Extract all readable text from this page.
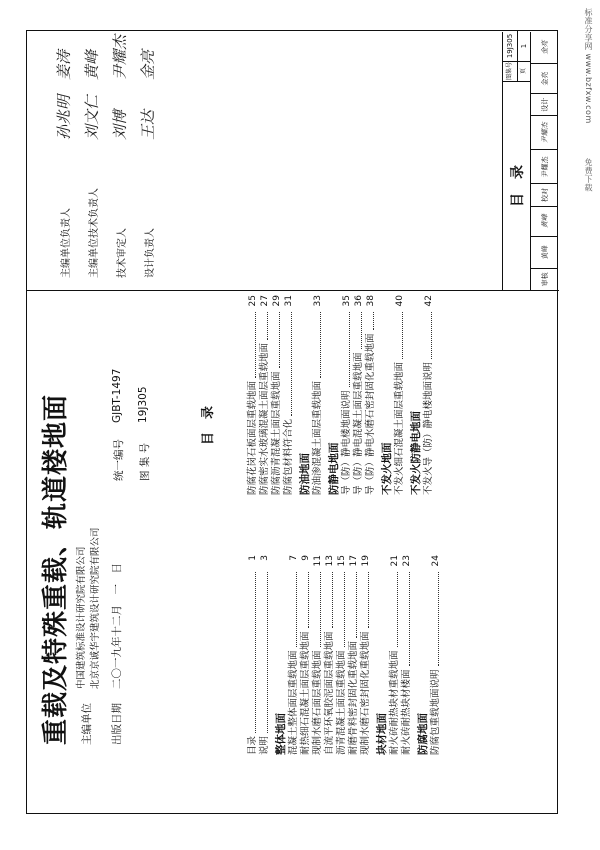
标准分享网 www.bzfxw.com
免费下载
重载及特殊重载、轨道楼地面 主编单位
中国建筑标准设计研究院有限公司 北京京诚华宇建筑设计研究院有限公司
出版日期
二〇一九年十二月　一　日
统一编号
GJBT-1497
图 集 号
19J305
目　录
目录
1
说明
3
整体地面 混凝土整体面层重载地面
7
耐热细石混凝土面层重载地面
9
现制水磨石面层重载地面
11
自流平环氧胶泥面层重载地面
13
沥青混凝土面层重载地面
15
耐磨骨料密封固化重载地面
17
现制水磨石密封固化重载地面
19
块材地面 耐火砖耐热块材重载地面
21
耐火砖耐热块材楼面
23
防腐地面 防腐包重载地面说明
24
防腐花岗石板面层重载地面
25
防腐密实水玻璃混凝土面层重载地面
27
防腐沥青混凝土面层重载地面
29
防腐包材料符合化
31
防油地面 防油渗混凝土面层重载地面
33
防静电地面 导（防）静电楼地面说明
35
导（防）静电混凝土面层重载地面
36
导（防）静电水磨石密封固化重载地面
38
不发火地面 不发火细石混凝土面层重载地面
40
不发火防静电地面 不发火导（防）静电楼地面说明
42
主编单位负责人
孙兆明
姜涛
主编单位技术负责人
刘文仁
黄峰
技术审定人
刘博
尹耀杰
设计负责人
王达
金亮
目　录
图集号	页
19J305 1
审核
黄峰
黄峰
校对
尹耀杰
尹耀杰
设计
金亮
金亮
